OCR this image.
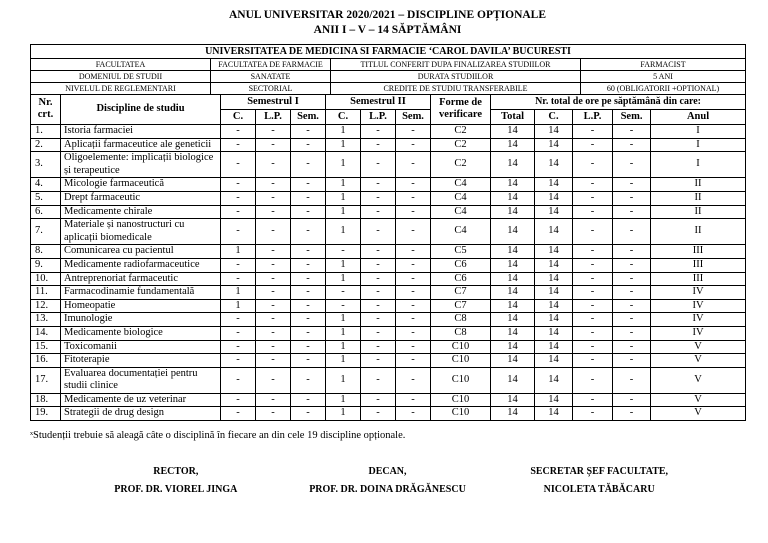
ANUL UNIVERSITAR 2020/2021 – DISCIPLINE OPȚIONALE
ANII I – V – 14 SĂPTĂMÂNI
UNIVERSITATEA DE MEDICINA SI FARMACIE ‘CAROL DAVILA’ BUCURESTI			
FACULTATEA	FACULTATEA DE FARMACIE	TITLUL CONFERIT DUPA FINALIZAREA STUDIILOR	FARMACIST
DOMENIUL DE STUDII	SANATATE	DURATA STUDIILOR	5 ANI
NIVELUL DE REGLEMENTARI	SECTORIAL	CREDITE DE STUDIU TRANSFERABILE	60 (OBLIGATORII +OPTIONAL)
Nr.
crt.	Discipline de studiu	Semestrul I			Semestrul II			Forme de
verificare	Nr. total de ore pe săptămână din care:				
		C.	L.P.	Sem.	C.	L.P.	Sem.		Total	C.	L.P.	Sem.	Anul
1.	Istoria farmaciei	-	-	-	1	-	-	C2	14	14	-	-	I
2.	Aplicații farmaceutice ale geneticii	-	-	-	1	-	-	C2	14	14	-	-	I
3.	Oligoelemente: implicații biologice și terapeutice	-	-	-	1	-	-	C2	14	14	-	-	I
4.	Micologie farmaceutică	-	-	-	1	-	-	C4	14	14	-	-	II
5.	Drept farmaceutic	-	-	-	1	-	-	C4	14	14	-	-	II
6.	Medicamente chirale	-	-	-	1	-	-	C4	14	14	-	-	II
7.	Materiale și nanostructuri cu aplicații biomedicale	-	-	-	1	-	-	C4	14	14	-	-	II
8.	Comunicarea cu pacientul	1	-	-	-	-	-	C5	14	14	-	-	III
9.	Medicamente radiofarmaceutice	-	-	-	1	-	-	C6	14	14	-	-	III
10.	Antreprenoriat farmaceutic	-	-	-	1	-	-	C6	14	14	-	-	III
11.	Farmacodinamie fundamentală	1	-	-	-	-	-	C7	14	14	-	-	IV
12.	Homeopatie	1	-	-	-	-	-	C7	14	14	-	-	IV
13.	Imunologie	-	-	-	1	-	-	C8	14	14	-	-	IV
14.	Medicamente biologice	-	-	-	1	-	-	C8	14	14	-	-	IV
15.	Toxicomanii	-	-	-	1	-	-	C10	14	14	-	-	V
16.	Fitoterapie	-	-	-	1	-	-	C10	14	14	-	-	V
17.	Evaluarea documentației pentru studii clinice	-	-	-	1	-	-	C10	14	14	-	-	V
18.	Medicamente de uz veterinar	-	-	-	1	-	-	C10	14	14	-	-	V
19.	Strategii de drug design	-	-	-	1	-	-	C10	14	14	-	-	V
ˣStudenții trebuie să aleagă câte o disciplină în fiecare an din cele 19 discipline opționale.
RECTOR,
PROF. DR. VIOREL JINGA
DECAN,
PROF. DR. DOINA DRĂGĂNESCU
SECRETAR ȘEF FACULTATE,
NICOLETA TĂBĂCARU
